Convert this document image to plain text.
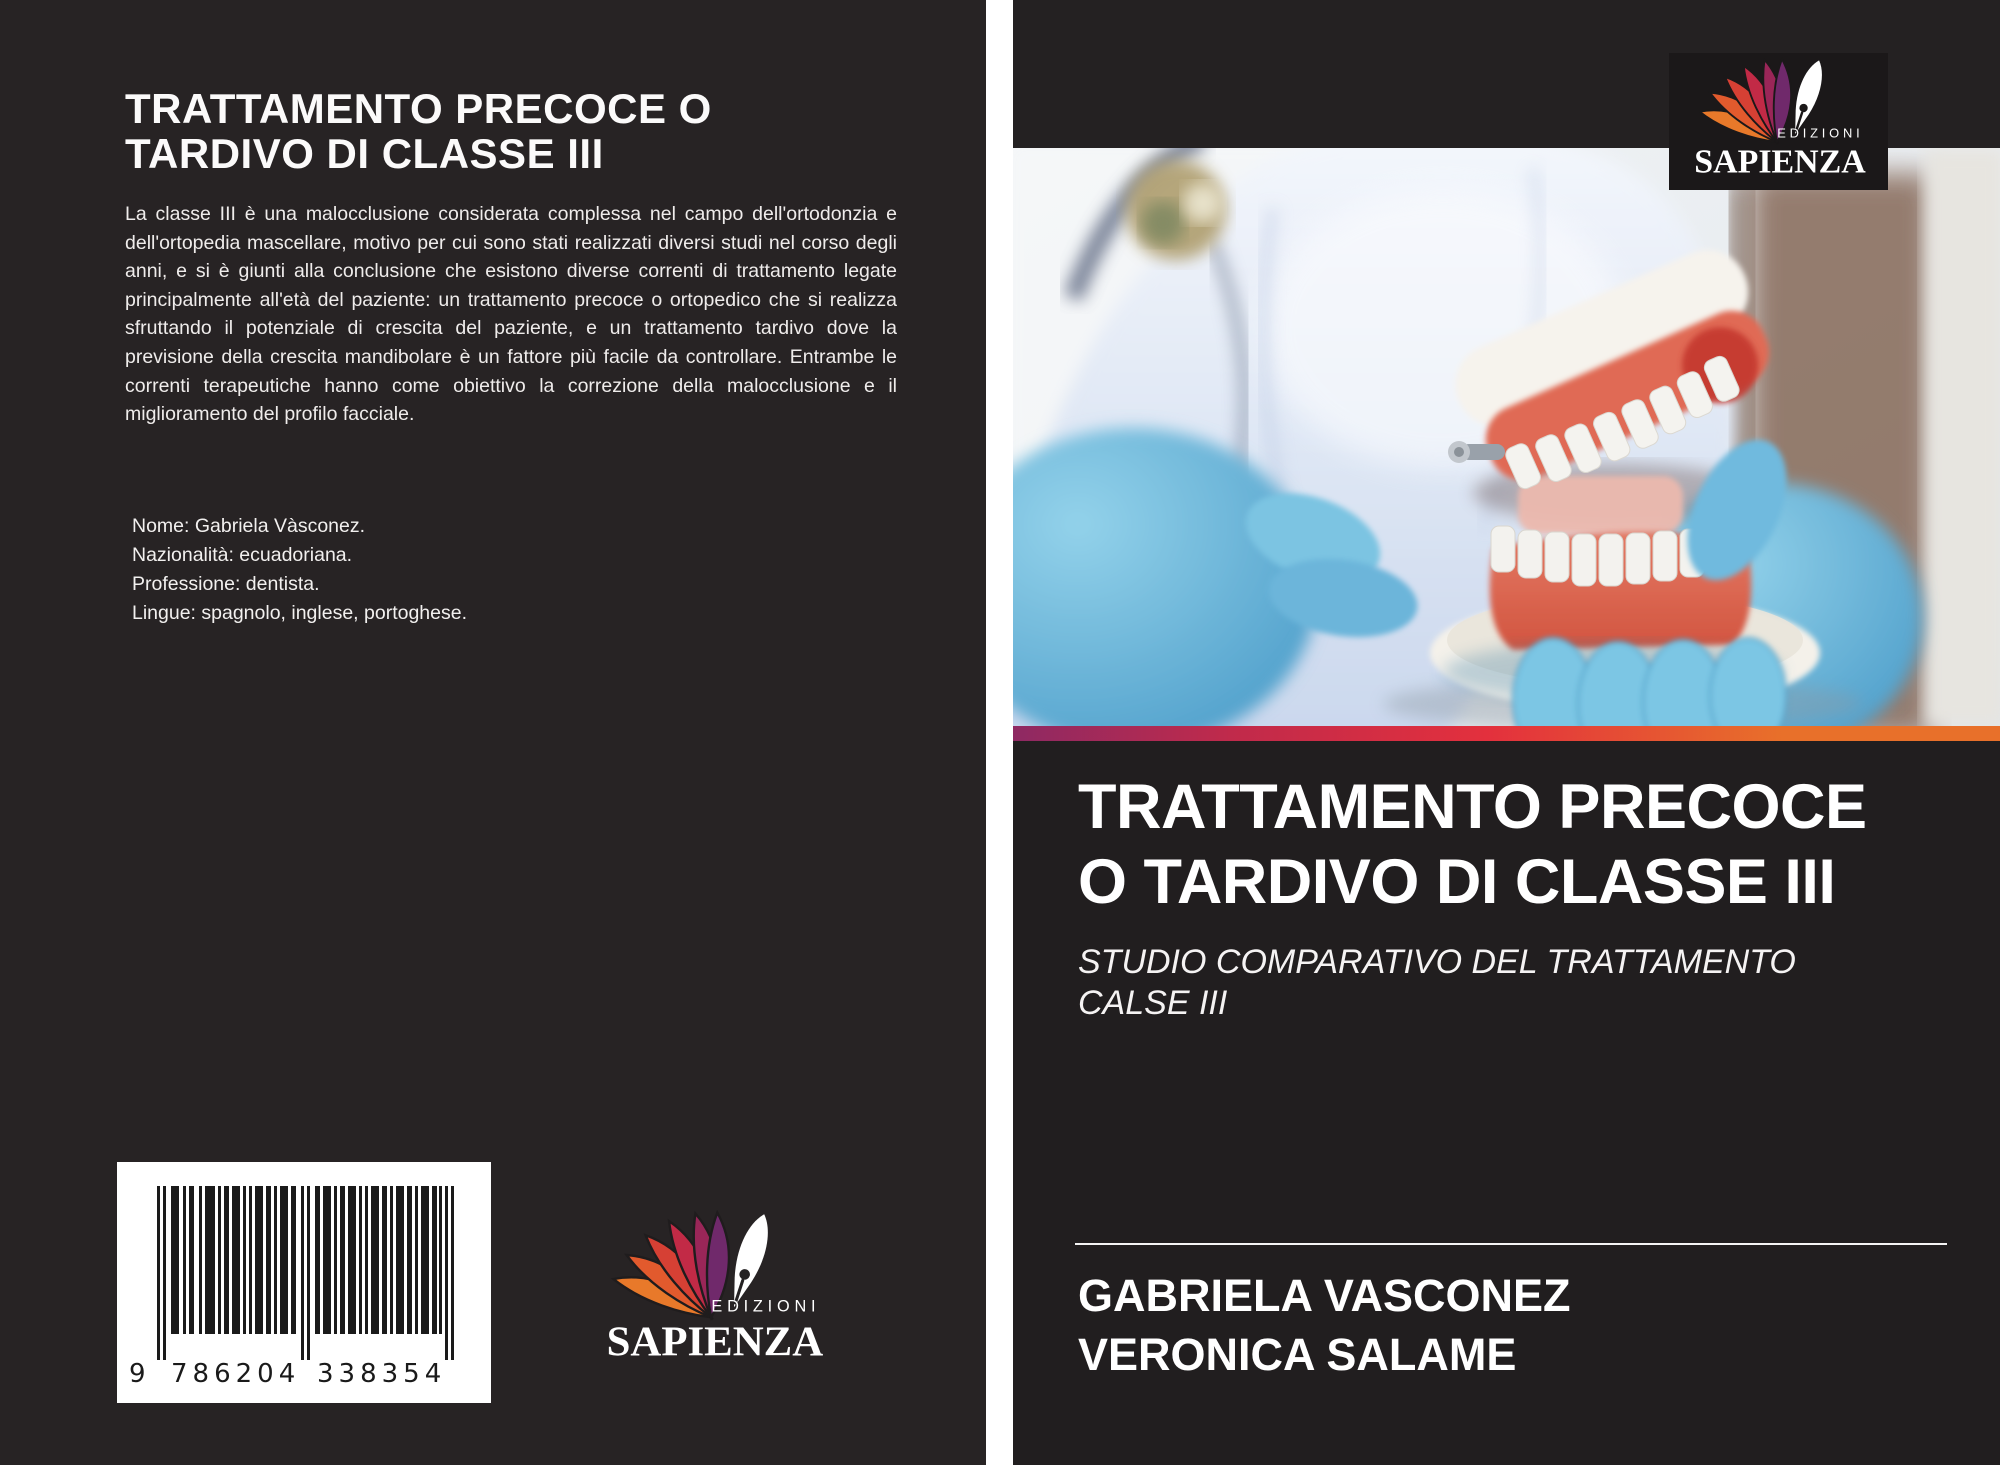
TRATTAMENTO PRECOCE O
TARDIVO DI CLASSE III
La classe III è una malocclusione considerata complessa nel campo dell'ortodonzia e dell'ortopedia mascellare, motivo per cui sono stati realizzati diversi studi nel corso degli anni, e si è giunti alla conclusione che esistono diverse correnti di trattamento legate principalmente all'età del paziente: un trattamento precoce o ortopedico che si realizza sfruttando il potenziale di crescita del paziente, e un trattamento tardivo dove la previsione della crescita mandibolare è un fattore più facile da controllare. Entrambe le correnti terapeutiche hanno come obiettivo la correzione della malocclusione e il miglioramento del profilo facciale.
Nome: Gabriela Vàsconez.
Nazionalità: ecuadoriana.
Professione: dentista.
Lingue: spagnolo, inglese, portoghese.
9 786204 338354
EDIZIONI
SAPIENZA
EDIZIONI
SAPIENZA
TRATTAMENTO PRECOCE
O TARDIVO DI CLASSE III
STUDIO COMPARATIVO DEL TRATTAMENTO
CALSE III
GABRIELA VASCONEZ
VERONICA SALAME
